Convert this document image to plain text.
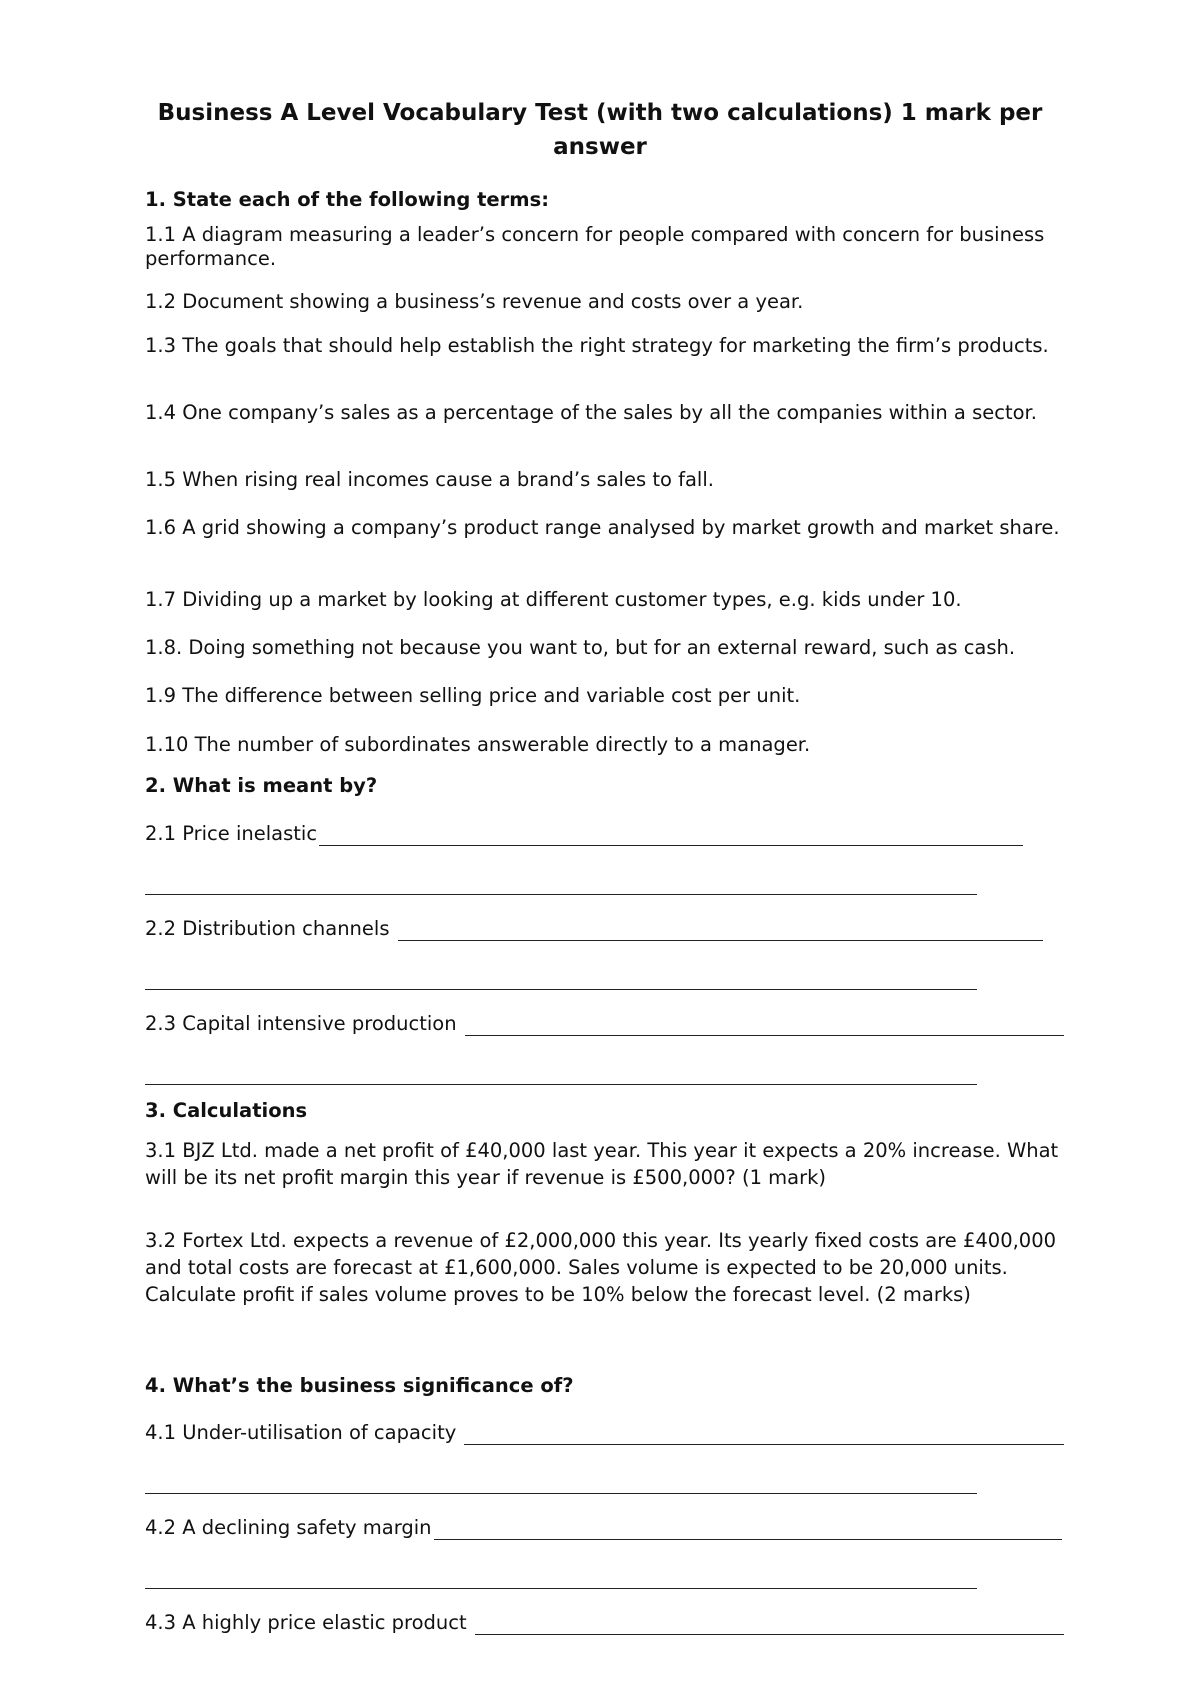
Business A Level Vocabulary Test (with two calculations) 1 mark per answer
1. State each of the following terms:
1.1 A diagram measuring a leader’s concern for people compared with concern for business performance.
1.2 Document showing a business’s revenue and costs over a year.
1.3 The goals that should help establish the right strategy for marketing the firm’s products.
1.4 One company’s sales as a percentage of the sales by all the companies within a sector.
1.5 When rising real incomes cause a brand’s sales to fall.
1.6 A grid showing a company’s product range analysed by market growth and market share.
1.7 Dividing up a market by looking at different customer types, e.g. kids under 10.
1.8. Doing something not because you want to, but for an external reward, such as cash.
1.9 The difference between selling price and variable cost per unit.
1.10 The number of subordinates answerable directly to a manager.
2. What is meant by?
2.1 Price inelastic
2.2 Distribution channels
2.3 Capital intensive production
3. Calculations
3.1 BJZ Ltd. made a net profit of £40,000 last year. This year it expects a 20% increase. What will be its net profit margin this year if revenue is £500,000? (1 mark)
3.2 Fortex Ltd. expects a revenue of £2,000,000 this year. Its yearly fixed costs are £400,000 and total costs are forecast at £1,600,000. Sales volume is expected to be 20,000 units. Calculate profit if sales volume proves to be 10% below the forecast level. (2 marks)
4. What’s the business significance of?
4.1 Under-utilisation of capacity
4.2 A declining safety margin
4.3 A highly price elastic product
